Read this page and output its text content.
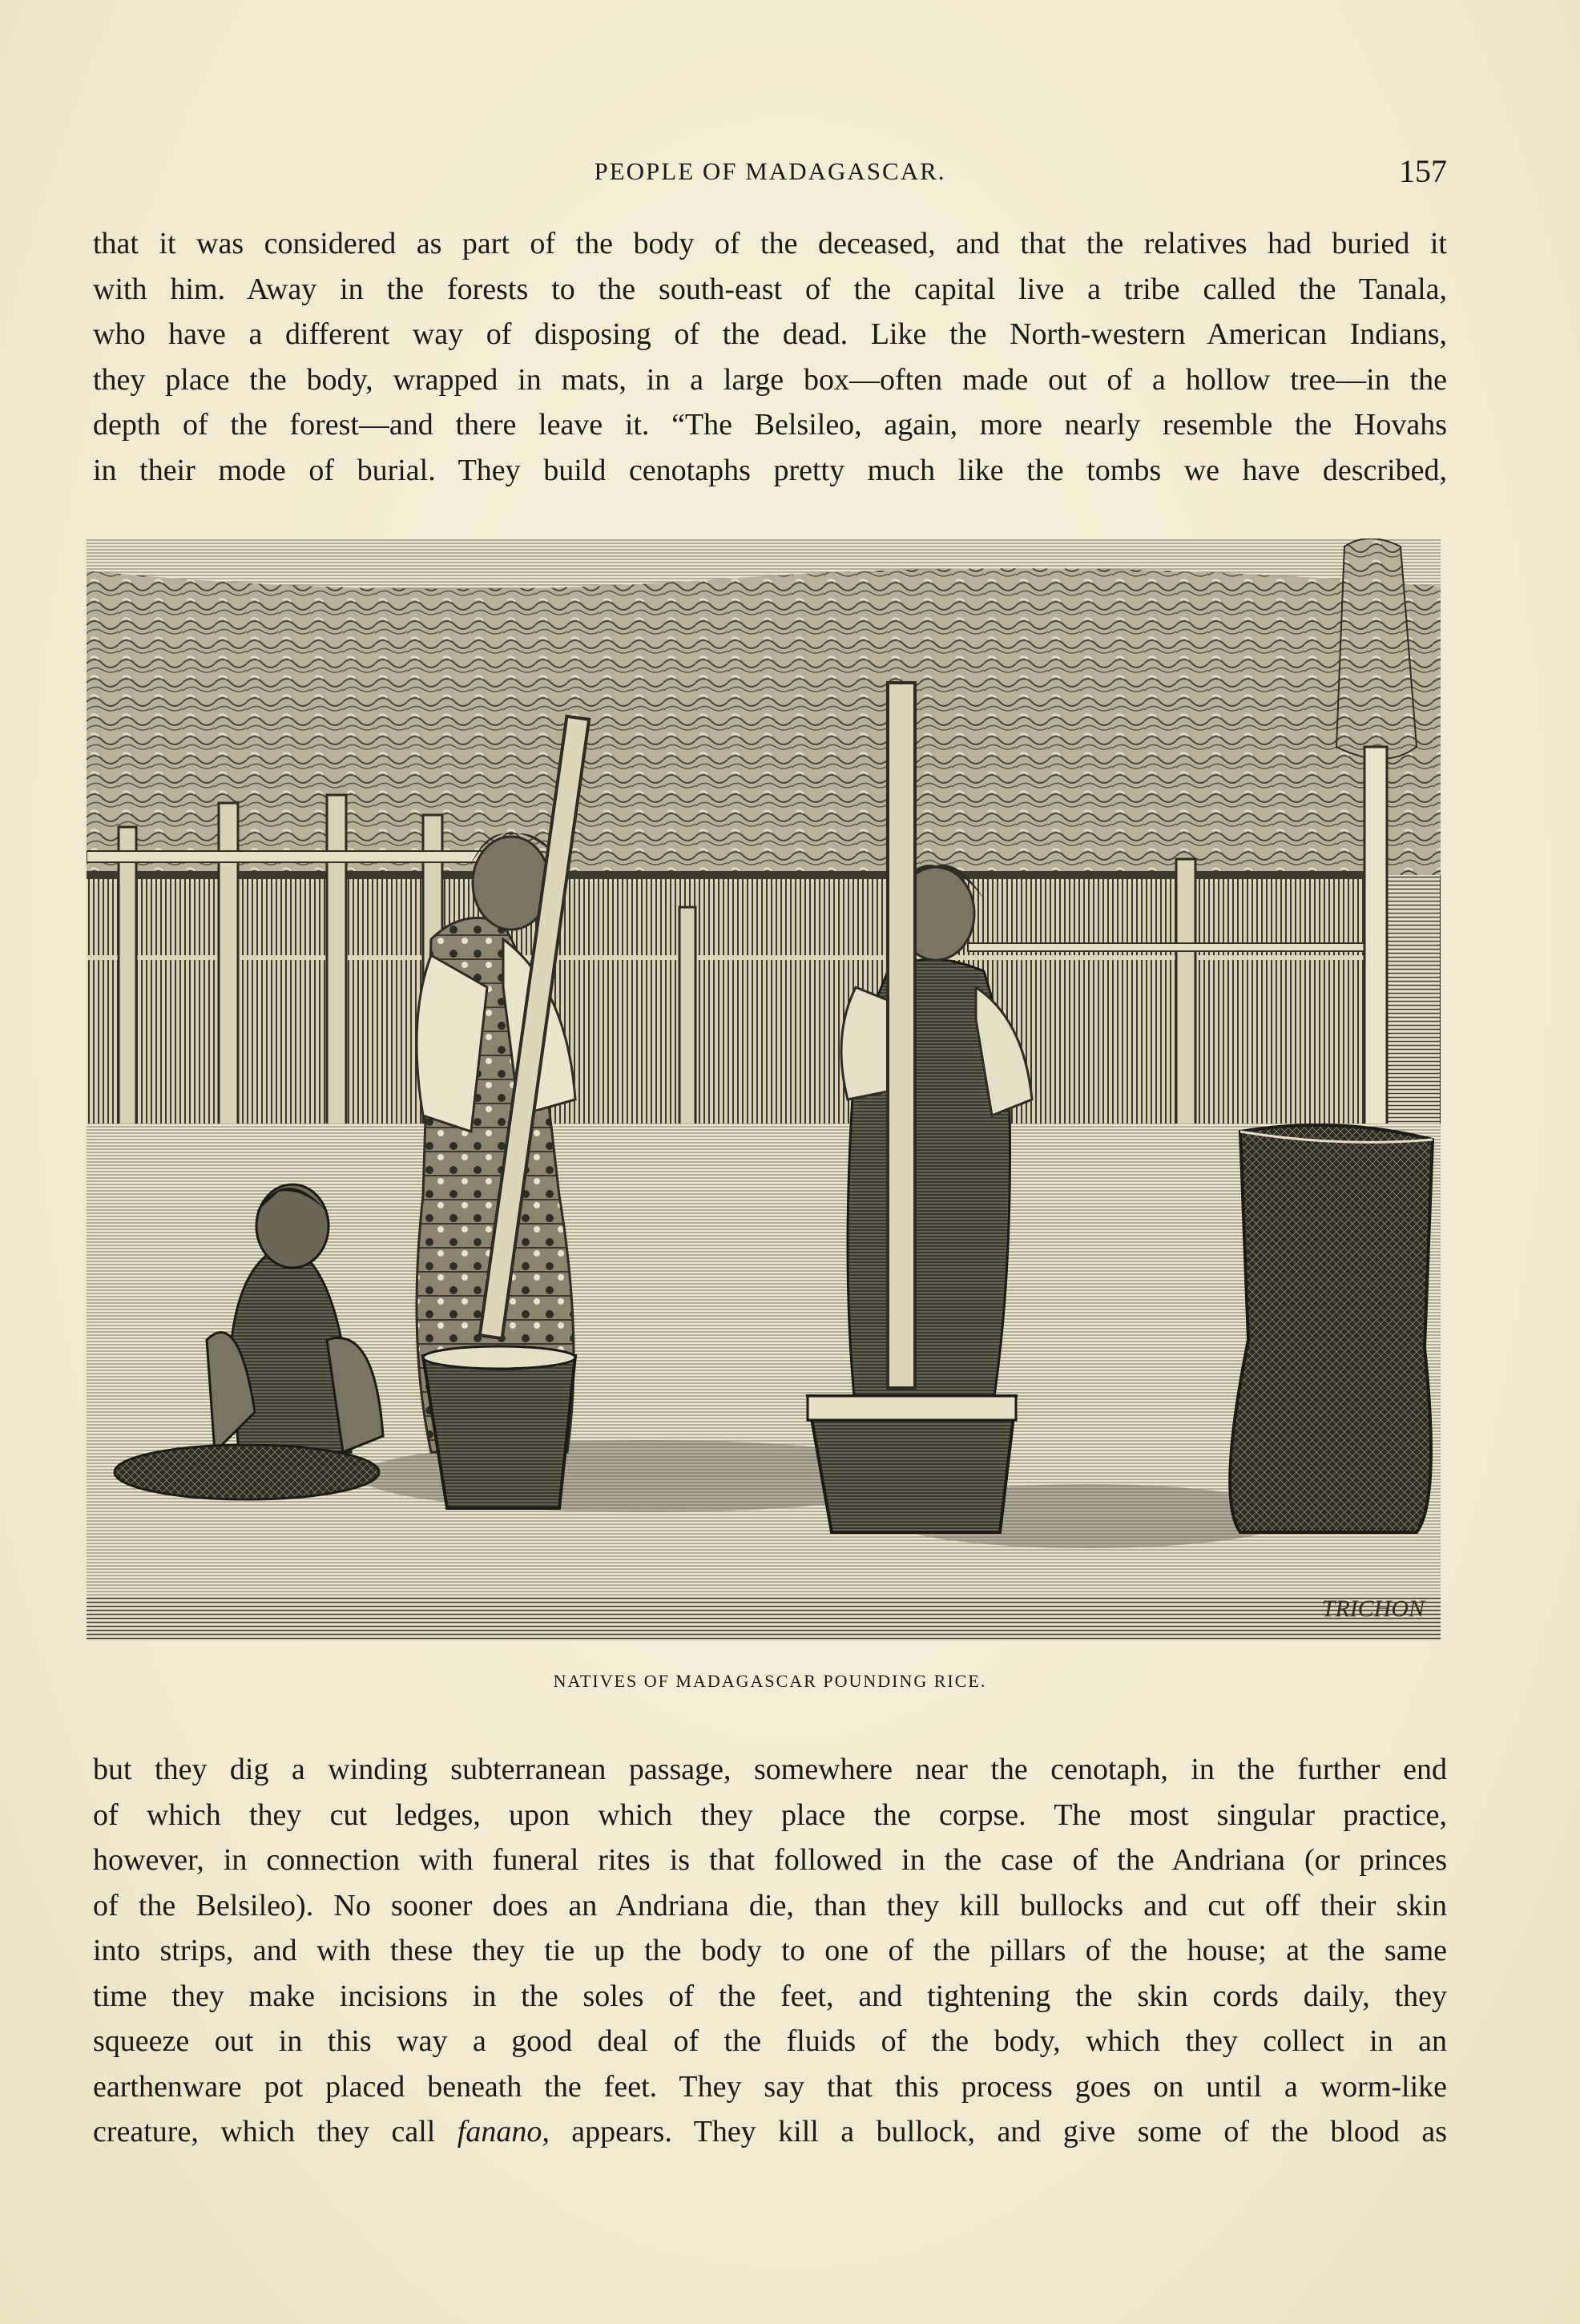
PEOPLE OF MADAGASCAR.	157
that it was considered as part of the body of the deceased, and that the relatives had buried it
with him. Away in the forests to the south-east of the capital live a tribe called the Tanala,
who have a different way of disposing of the dead. Like the North-western American Indians,
they place the body, wrapped in mats, in a large box—often made out of a hollow tree—in the
depth of the forest—and there leave it. “The Belsileo, again, more nearly resemble the Hovahs
in their mode of burial. They build cenotaphs pretty much like the tombs we have described,
TRICHON
NATIVES OF MADAGASCAR POUNDING RICE.
but they dig a winding subterranean passage, somewhere near the cenotaph, in the further end
of which they cut ledges, upon which they place the corpse. The most singular practice,
however, in connection with funeral rites is that followed in the case of the Andriana (or princes
of the Belsileo). No sooner does an Andriana die, than they kill bullocks and cut off their skin
into strips, and with these they tie up the body to one of the pillars of the house; at the same
time they make incisions in the soles of the feet, and tightening the skin cords daily, they
squeeze out in this way a good deal of the fluids of the body, which they collect in an
earthenware pot placed beneath the feet. They say that this process goes on until a worm-like
creature, which they call fanano, appears. They kill a bullock, and give some of the blood as
